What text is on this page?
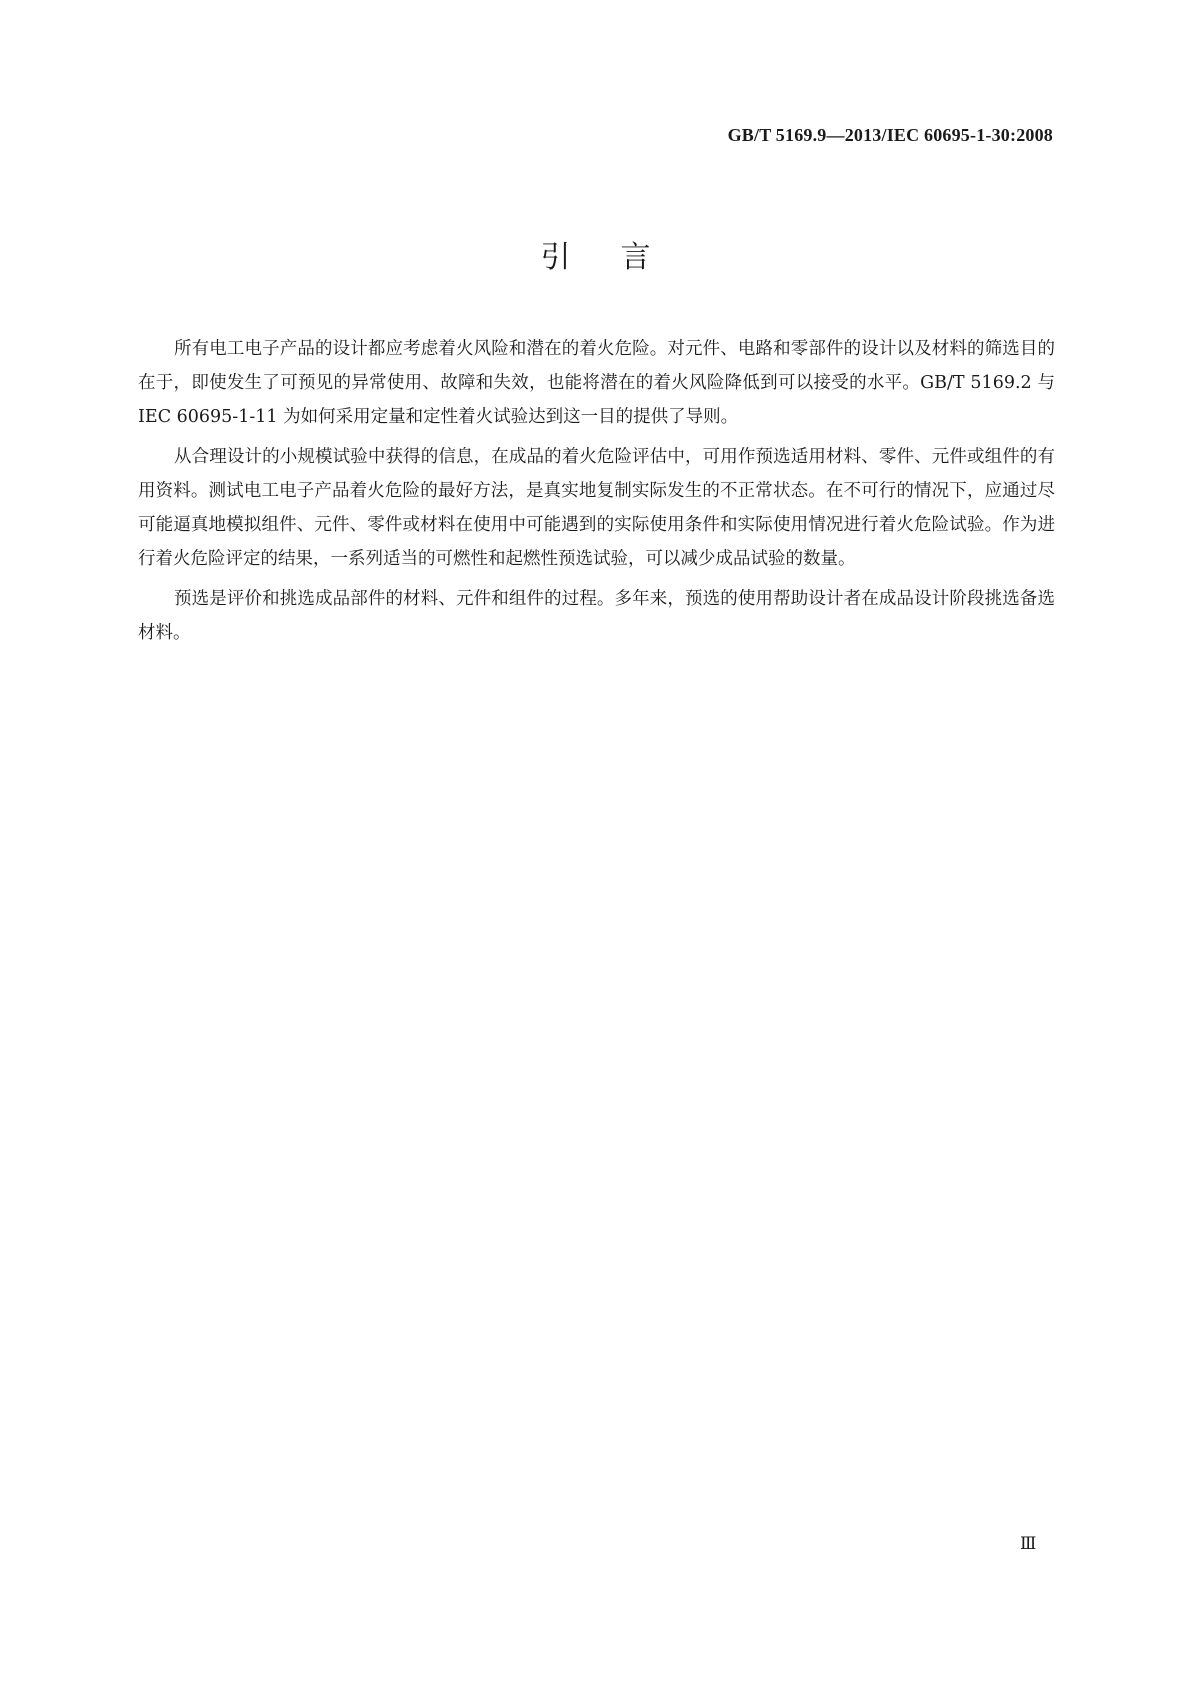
GB/T 5169.9—2013/IEC 60695-1-30:2008
引言

所有电工电子产品的设计都应考虑着火风险和潜在的着火危险。对元件、电路和零部件的设计以及材料的筛选目的在于，即使发生了可预见的异常使用、故障和失效，也能将潜在的着火风险降低到可以接受的水平。GB/T 5169.2 与 IEC 60695-1-11 为如何采用定量和定性着火试验达到这一目的提供了导则。

从合理设计的小规模试验中获得的信息，在成品的着火危险评估中，可用作预选适用材料、零件、元件或组件的有用资料。测试电工电子产品着火危险的最好方法，是真实地复制实际发生的不正常状态。在不可行的情况下，应通过尽可能逼真地模拟组件、元件、零件或材料在使用中可能遇到的实际使用条件和实际使用情况进行着火危险试验。作为进行着火危险评定的结果，一系列适当的可燃性和起燃性预选试验，可以减少成品试验的数量。

预选是评价和挑选成品部件的材料、元件和组件的过程。多年来，预选的使用帮助设计者在成品设计阶段挑选备选材料。

Ⅲ
